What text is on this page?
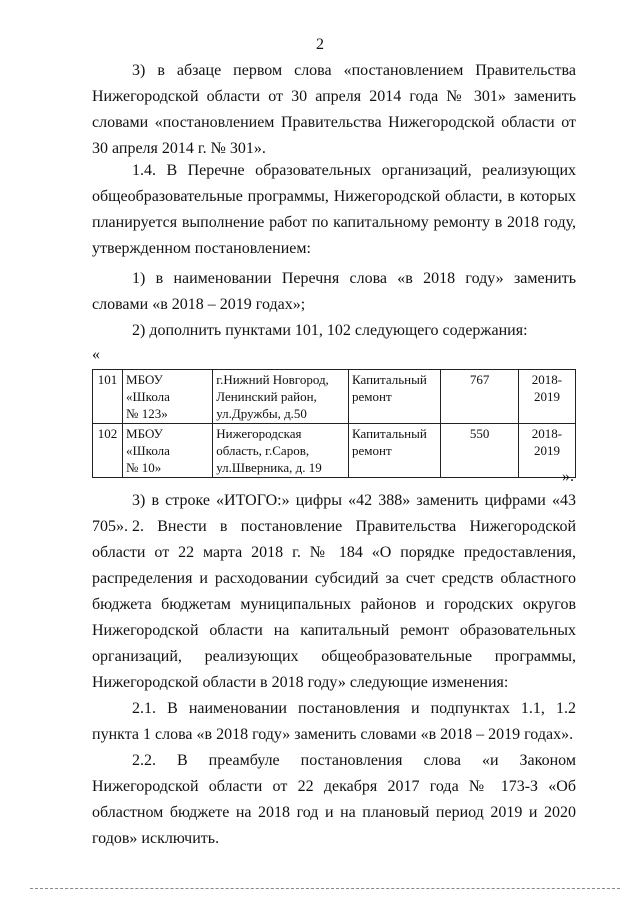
2

3) в абзаце первом слова «постановлением Правительства Нижегородской области от 30 апреля 2014 года № 301» заменить словами «постановлением Правительства Нижегородской области от 30 апреля 2014 г. № 301».

1.4. В Перечне образовательных организаций, реализующих общеобразовательные программы, Нижегородской области, в которых планируется выполнение работ по капитальному ремонту в 2018 году, утвержденном постановлением:

1) в наименовании Перечня слова «в 2018 году» заменить словами «в 2018 – 2019 годах»;

2) дополнить пунктами 101, 102 следующего содержания:

«
101	МБОУ
«Школа
№ 123»	г.Нижний Новгород,
Ленинский район,
ул.Дружбы, д.50	Капитальный
ремонт	767	2018-
2019

102	МБОУ
«Школа
№ 10»	Нижегородская
область, г.Саров,
ул.Шверника, д. 19	Капитальный
ремонт	550	2018-
2019
».

3) в строке «ИТОГО:» цифры «42 388» заменить цифрами «43 705». 2. Внести в постановление Правительства Нижегородской области от 22 марта 2018 г. № 184 «О порядке предоставления, распределения и расходовании субсидий за счет средств областного бюджета бюджетам муниципальных районов и городских округов Нижегородской области на капитальный ремонт образовательных организаций, реализующих общеобразовательные программы, Нижегородской области в 2018 году» следующие изменения:

2.1. В наименовании постановления и подпунктах 1.1, 1.2 пункта 1 слова «в 2018 году» заменить словами «в 2018 – 2019 годах».

2.2. В преамбуле постановления слова «и Законом Нижегородской области от 22 декабря 2017 года № 173-З «Об областном бюджете на 2018 год и на плановый период 2019 и 2020 годов» исключить.
